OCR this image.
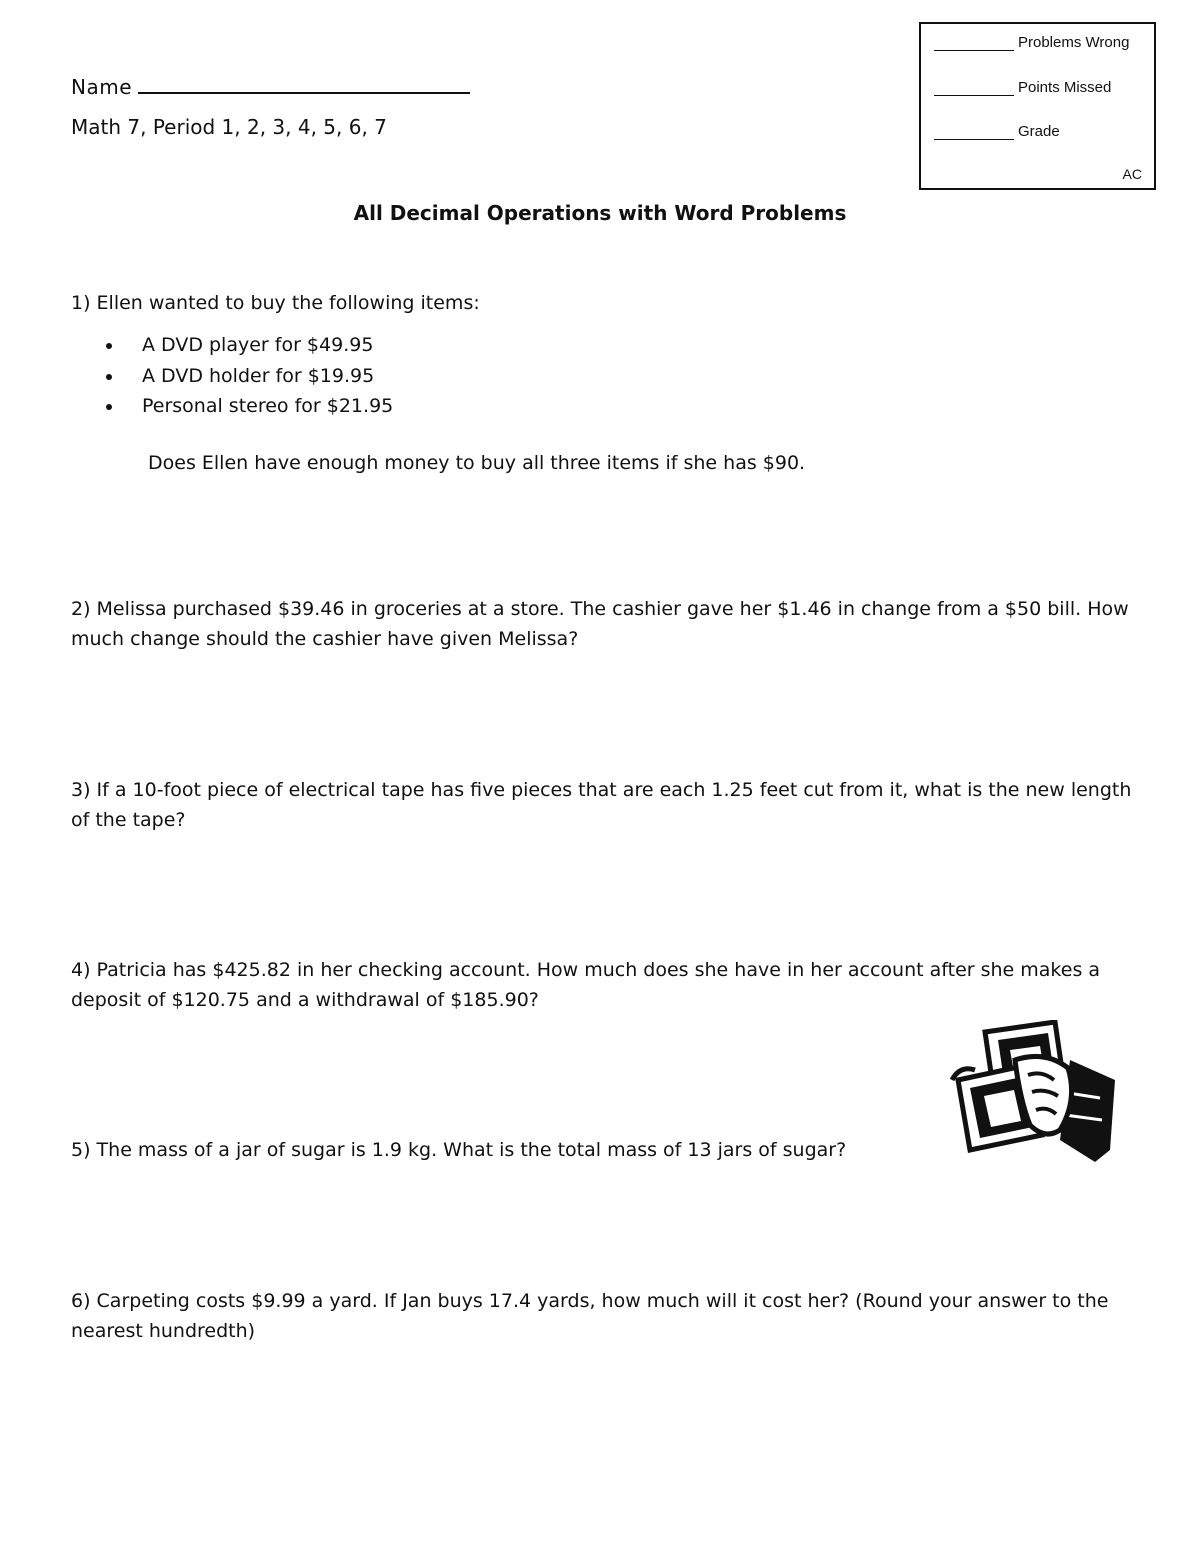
Name
Math 7, Period 1, 2, 3, 4, 5, 6, 7
Problems Wrong
Points Missed
Grade
AC
All Decimal Operations with Word Problems
1) Ellen wanted to buy the following items:
A DVD player for $49.95
A DVD holder for $19.95
Personal stereo for $21.95
Does Ellen have enough money to buy all three items if she has $90.
2) Melissa purchased $39.46 in groceries at a store. The cashier gave her $1.46 in change from a $50 bill. How much change should the cashier have given Melissa?
3) If a 10-foot piece of electrical tape has five pieces that are each 1.25 feet cut from it, what is the new length of the tape?
4) Patricia has $425.82 in her checking account. How much does she have in her account after she makes a deposit of $120.75 and a withdrawal of $185.90?
5) The mass of a jar of sugar is 1.9 kg. What is the total mass of 13 jars of sugar?
6) Carpeting costs $9.99 a yard. If Jan buys 17.4 yards, how much will it cost her? (Round your answer to the nearest hundredth)
